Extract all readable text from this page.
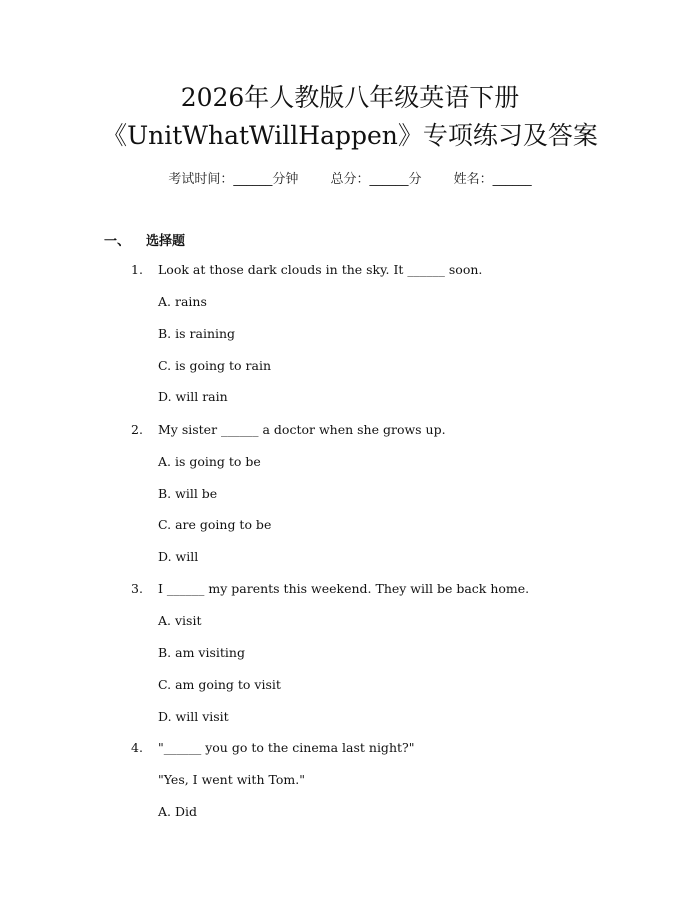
2026年人教版八年级英语下册
《UnitWhatWillHappen》专项练习及答案
考试时间：______分钟 总分：______分 姓名：______
一、 选择题
1. Look at those dark clouds in the sky. It ______ soon.
A. rains
B. is raining
C. is going to rain
D. will rain
2. My sister ______ a doctor when she grows up.
A. is going to be
B. will be
C. are going to be
D. will
3. I ______ my parents this weekend. They will be back home.
A. visit
B. am visiting
C. am going to visit
D. will visit
4. "______ you go to the cinema last night?"
"Yes, I went with Tom."
A. Did
